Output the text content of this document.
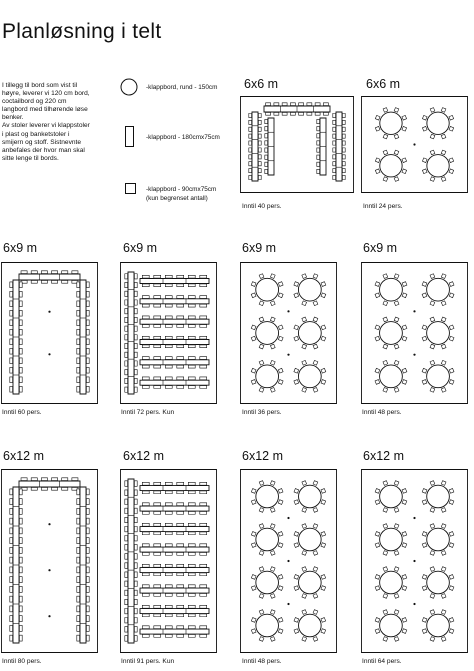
Planløsning i telt
I tillegg til bord som vist til
høyre, leverer vi 120 cm bord,
coctailbord og 220 cm
langbord med tilhørende løse
benker.
Av stoler leverer vi klappstoler
i plast og banketstoler i
smijern og stoff. Sistnevnte
anbefales der hvor man skal
sitte lenge til bords.
-klappbord, rund - 150cm
-klappbord - 180cmx75cm
-klappbord - 90cmx75cm
(kun begrenset antall)
6x6 m
Inntil 40 pers.
6x6 m
Inntil 24 pers.
6x9 m
Inntil 60 pers.
6x9 m
Inntil 72 pers. Kun
6x9 m
Inntil 36 pers.
6x9 m
Inntil 48 pers.
6x12 m
Inntil 80 pers.
6x12 m
Inntil 91 pers. Kun
6x12 m
Inntil 48 pers.
6x12 m
Inntil 64 pers.
